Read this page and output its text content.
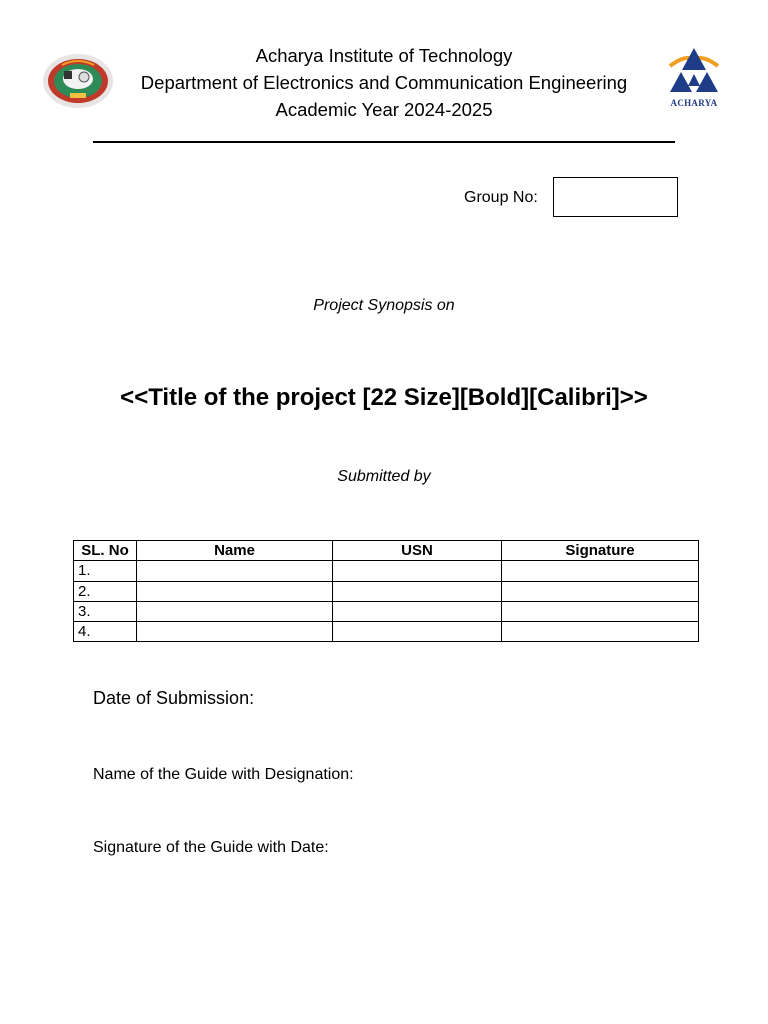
Acharya Institute of Technology
Department of Electronics and Communication Engineering
Academic Year 2024-2025	ACHARYA
Group No:
Project Synopsis on
<<Title of the project [22 Size][Bold][Calibri]>>
Submitted by
SL. No	Name	USN	Signature
1.			
2.			
3.			
4.			
Date of Submission:
Name of the Guide with Designation:
Signature of the Guide with Date:
